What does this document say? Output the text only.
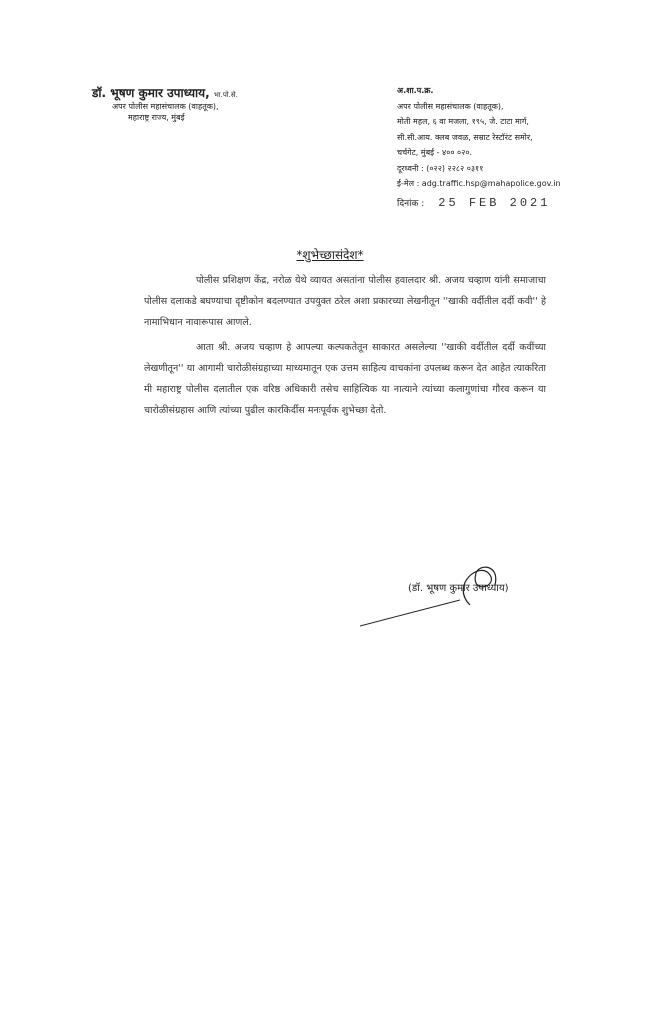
डॉ. भूषण कुमार उपाध्याय, भा.पो.से.
अपर पोलीस महासंचालक (वाहतूक),
महाराष्ट्र राज्य, मुंबई
अ.शा.प.क्र.
अपर पोलीस महासंचालक (वाहतूक),
मोती महल, ६ वा मजला, १९५, जे. टाटा मार्ग,
सी.सी.आय. क्लब जवळ, सम्राट रेस्टॉरंट समोर,
चर्चगेट, मुंबई - ४०० ०२०.
दूरध्वनी : (०२२) २२८२ ०३११
ई-मेल : adg.traffic.hsp@mahapolice.gov.in
दिनांक : 25 FEB 2021
*शुभेच्छासंदेश*

पोलीस प्रशिक्षण केंद्र, नरोळ येथे व्यायत असतांना पोलीस हवालदार श्री. अजय चव्हाण यांनी समाजाचा पोलीस दलाकडे बघण्याचा दृष्टीकोन बदलण्यात उपयुक्त ठरेल अशा प्रकारच्या लेखनीतून ''खाकी वर्दीतील दर्दी कवी'' हे नामाभिधान नावारूपास आणले.

आता श्री. अजय चव्हाण हे आपल्या कल्पकतेतून साकारत असलेल्या ''खाकी वर्दीतील दर्दी कवींच्या लेखणीतून'' या आगामी चारोळीसंग्रहाच्या माध्यमातून एक उत्तम साहित्य वाचकांना उपलब्ध करून देत आहेत त्याकरिता मी महाराष्ट्र पोलीस दलातील एक वरिष्ठ अधिकारी तसेच साहित्यिक या नात्याने त्यांच्या कलागुणांचा गौरव करून या चारोळीसंग्रहास आणि त्यांच्या पुढील कारकिर्दीस मनःपूर्वक शुभेच्छा देतो.

(डॉ. भूषण कुमार उपाध्याय)
